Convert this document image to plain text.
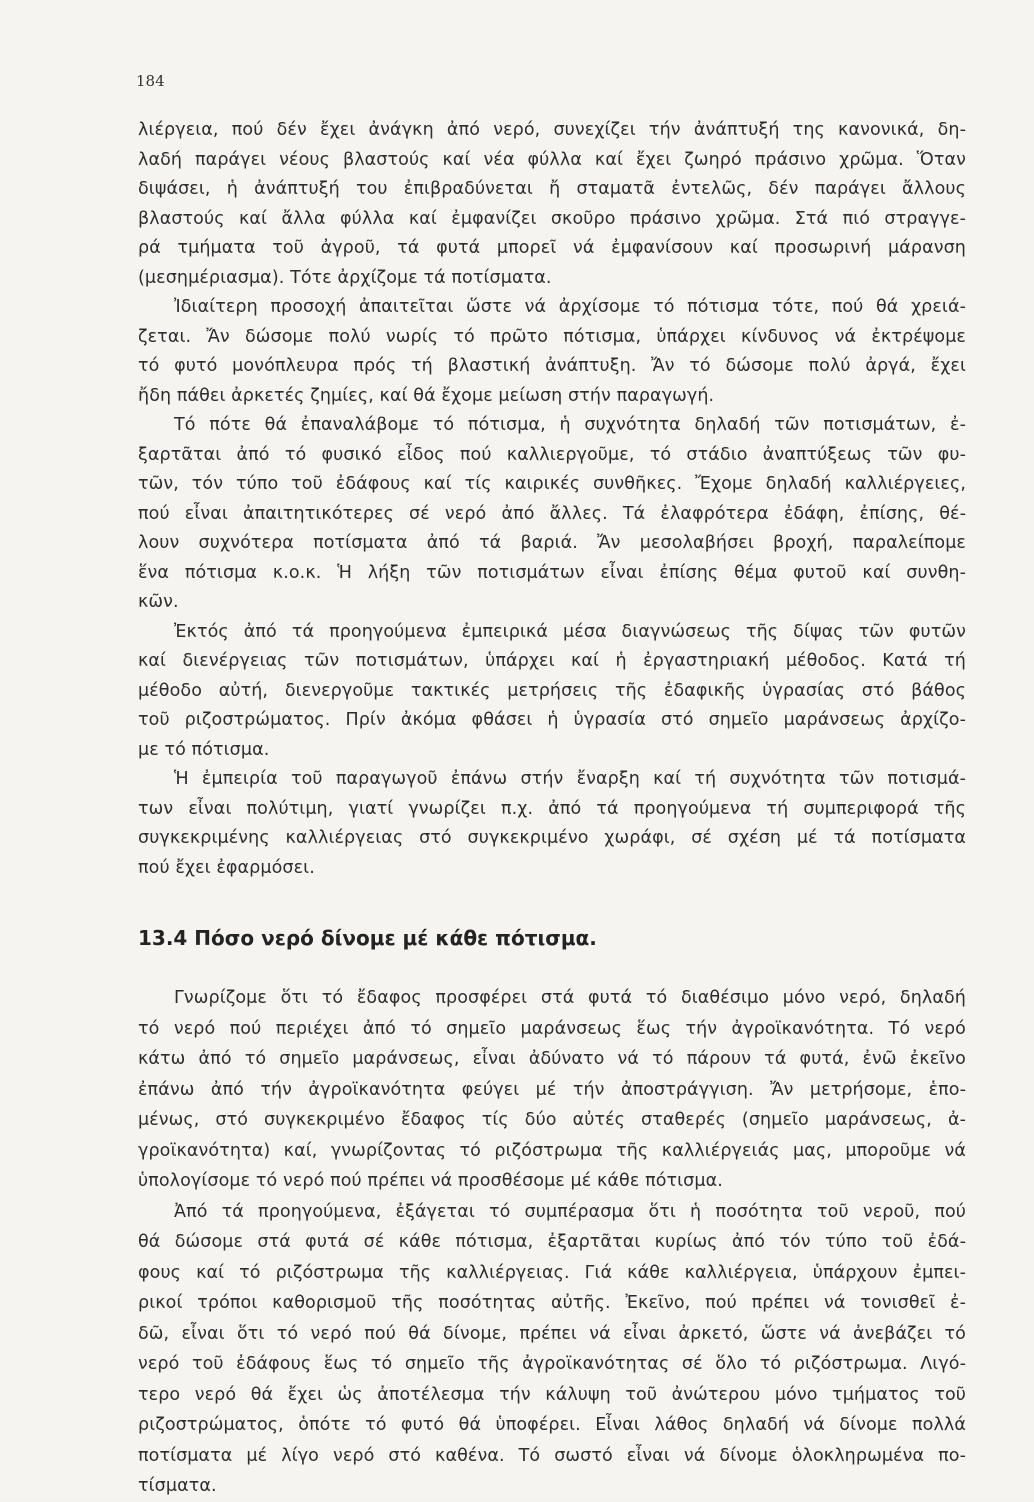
184
λιέργεια, πού δέν ἔχει ἀνάγκη ἀπό νερό, συνεχίζει τήν ἀνάπτυξή της κανονικά, δη-
λαδή παράγει νέους βλαστούς καί νέα φύλλα καί ἔχει ζωηρό πράσινο χρῶμα. Ὅταν
διψάσει, ἡ ἀνάπτυξή του ἐπιβραδύνεται ἤ σταματᾶ ἐντελῶς, δέν παράγει ἄλλους
βλαστούς καί ἄλλα φύλλα καί ἐμφανίζει σκοῦρο πράσινο χρῶμα. Στά πιό στραγγε-
ρά τμήματα τοῦ ἀγροῦ, τά φυτά μπορεῖ νά ἐμφανίσουν καί προσωρινή μάρανση
(μεσημέριασμα). Τότε ἀρχίζομε τά ποτίσματα.
Ἰδιαίτερη προσοχή ἀπαιτεῖται ὥστε νά ἀρχίσομε τό πότισμα τότε, πού θά χρειά-
ζεται. Ἄν δώσομε πολύ νωρίς τό πρῶτο πότισμα, ὑπάρχει κίνδυνος νά ἐκτρέψομε
τό φυτό μονόπλευρα πρός τή βλαστική ἀνάπτυξη. Ἄν τό δώσομε πολύ ἀργά, ἔχει
ἤδη πάθει ἀρκετές ζημίες, καί θά ἔχομε μείωση στήν παραγωγή.
Τό πότε θά ἐπαναλάβομε τό πότισμα, ἡ συχνότητα δηλαδή τῶν ποτισμάτων, ἐ-
ξαρτᾶται ἀπό τό φυσικό εἶδος πού καλλιεργοῦμε, τό στάδιο ἀναπτύξεως τῶν φυ-
τῶν, τόν τύπο τοῦ ἐδάφους καί τίς καιρικές συνθῆκες. Ἔχομε δηλαδή καλλιέργειες,
πού εἶναι ἀπαιτητικότερες σέ νερό ἀπό ἄλλες. Τά ἐλαφρότερα ἐδάφη, ἐπίσης, θέ-
λουν συχνότερα ποτίσματα ἀπό τά βαριά. Ἄν μεσολαβήσει βροχή, παραλείπομε
ἕνα πότισμα κ.ο.κ. Ἡ λήξη τῶν ποτισμάτων εἶναι ἐπίσης θέμα φυτοῦ καί συνθη-
κῶν.
Ἐκτός ἀπό τά προηγούμενα ἐμπειρικά μέσα διαγνώσεως τῆς δίψας τῶν φυτῶν
καί διενέργειας τῶν ποτισμάτων, ὑπάρχει καί ἡ ἐργαστηριακή μέθοδος. Κατά τή
μέθοδο αὐτή, διενεργοῦμε τακτικές μετρήσεις τῆς ἐδαφικῆς ὑγρασίας στό βάθος
τοῦ ριζοστρώματος. Πρίν ἀκόμα φθάσει ἡ ὑγρασία στό σημεῖο μαράνσεως ἀρχίζο-
με τό πότισμα.
Ἡ ἐμπειρία τοῦ παραγωγοῦ ἐπάνω στήν ἔναρξη καί τή συχνότητα τῶν ποτισμά-
των εἶναι πολύτιμη, γιατί γνωρίζει π.χ. ἀπό τά προηγούμενα τή συμπεριφορά τῆς
συγκεκριμένης καλλιέργειας στό συγκεκριμένο χωράφι, σέ σχέση μέ τά ποτίσματα
πού ἔχει ἐφαρμόσει.
13.4 Πόσο νερό δίνομε μέ κάθε πότισμα.
Γνωρίζομε ὅτι τό ἔδαφος προσφέρει στά φυτά τό διαθέσιμο μόνο νερό, δηλαδή
τό νερό πού περιέχει ἀπό τό σημεῖο μαράνσεως ἕως τήν ἀγροϊκανότητα. Τό νερό
κάτω ἀπό τό σημεῖο μαράνσεως, εἶναι ἀδύνατο νά τό πάρουν τά φυτά, ἐνῶ ἐκεῖνο
ἐπάνω ἀπό τήν ἀγροϊκανότητα φεύγει μέ τήν ἀποστράγγιση. Ἄν μετρήσομε, ἑπο-
μένως, στό συγκεκριμένο ἔδαφος τίς δύο αὐτές σταθερές (σημεῖο μαράνσεως, ἀ-
γροϊκανότητα) καί, γνωρίζοντας τό ριζόστρωμα τῆς καλλιέργειάς μας, μποροῦμε νά
ὑπολογίσομε τό νερό πού πρέπει νά προσθέσομε μέ κάθε πότισμα.
Ἀπό τά προηγούμενα, ἐξάγεται τό συμπέρασμα ὅτι ἡ ποσότητα τοῦ νεροῦ, πού
θά δώσομε στά φυτά σέ κάθε πότισμα, ἐξαρτᾶται κυρίως ἀπό τόν τύπο τοῦ ἐδά-
φους καί τό ριζόστρωμα τῆς καλλιέργειας. Γιά κάθε καλλιέργεια, ὑπάρχουν ἐμπει-
ρικοί τρόποι καθορισμοῦ τῆς ποσότητας αὐτῆς. Ἐκεῖνο, πού πρέπει νά τονισθεῖ ἐ-
δῶ, εἶναι ὅτι τό νερό πού θά δίνομε, πρέπει νά εἶναι ἀρκετό, ὥστε νά ἀνεβάζει τό
νερό τοῦ ἐδάφους ἕως τό σημεῖο τῆς ἀγροϊκανότητας σέ ὅλο τό ριζόστρωμα. Λιγό-
τερο νερό θά ἔχει ὡς ἀποτέλεσμα τήν κάλυψη τοῦ ἀνώτερου μόνο τμήματος τοῦ
ριζοστρώματος, ὁπότε τό φυτό θά ὑποφέρει. Εἶναι λάθος δηλαδή νά δίνομε πολλά
ποτίσματα μέ λίγο νερό στό καθένα. Τό σωστό εἶναι νά δίνομε ὁλοκληρωμένα πο-
τίσματα.
